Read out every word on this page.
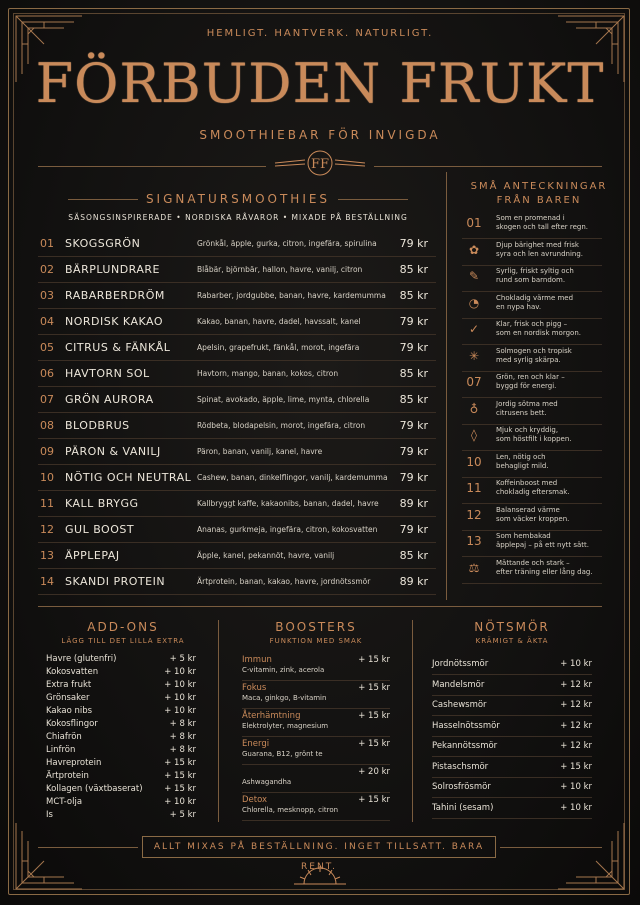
HEMLIGT. HANTVERK. NATURLIGT.
FÖRBUDEN FRUKT
SMOOTHIEBAR FÖR INVIGDA
FF
SIGNATURSMOOTHIES
SÄSONGSINSPIRERADE • NORDISKA RÅVAROR • MIXADE PÅ BESTÄLLNING
01 SKOGSGRÖN	Grönkål, äpple, gurka, citron, ingefära, spirulina 79 kr
02 BÄRPLUNDRARE	Blåbär, björnbär, hallon, havre, vanilj, citron	85 kr
03 RABARBERDRÖM	Rabarber, jordgubbe, banan, havre, kardemumma 85 kr
04 NORDISK KAKAO	Kakao, banan, havre, dadel, havssalt, kanel	79 kr
05 CITRUS & FÄNKÅL	Apelsin, grapefrukt, fänkål, morot, ingefära	79 kr
06 HAVTORN SOL	Havtorn, mango, banan, kokos, citron	85 kr
07 GRÖN AURORA	Spinat, avokado, äpple, lime, mynta, chlorella	85 kr
08 BLODBRUS	Rödbeta, blodapelsin, morot, ingefära, citron	79 kr
09 PÄRON & VANILJ	Päron, banan, vanilj, kanel, havre	79 kr
10 NÖTIG OCH NEUTRAL Cashew, banan, dinkelflingor, vanilj, kardemumma 79 kr
11 KALL BRYGG	Kallbryggt kaffe, kakaonibs, banan, dadel, havre 89 kr
12 GUL BOOST	Ananas, gurkmeja, ingefära, citron, kokosvatten 79 kr
13 ÄPPLEPAJ	Äpple, kanel, pekannöt, havre, vanilj	85 kr
14 SKANDI PROTEIN	Ärtprotein, banan, kakao, havre, jordnötssmör	89 kr
SMÅ ANTECKNINGAR
FRÅN BAREN
01	Som en promenad i
skogen och tall efter regn.
✿	Djup bärighet med frisk
syra och len avrundning.
✎	Syrlig, friskt syltig och
rund som barndom.
◔	Chokladig värme med
en nypa hav.
✓	Klar, frisk och pigg –
som en nordisk morgon.
✳	Solmogen och tropisk
med syrlig skärpa.
07	Grön, ren och klar –
byggd för energi.
♁	Jordig sötma med
citrusens bett.
◊	Mjuk och kryddig,
som höstfilt i koppen.
10	Len, nötig och
behagligt mild.
11	Koffeinboost med
chokladig eftersmak.
12	Balanserad värme
som väcker kroppen.
13	Som hembakad
äpplepaj – på ett nytt sätt.
⚖	Mättande och stark –
efter träning eller lång dag.
ADD-ONS
LÄGG TILL DET LILLA EXTRA
Havre (glutenfri)	+ 5 kr
Kokosvatten	+ 10 kr
Extra frukt	+ 10 kr
Grönsaker	+ 10 kr
Kakao nibs	+ 10 kr
Kokosflingor	+ 8 kr
Chiafrön	+ 8 kr
Linfrön	+ 8 kr
Havreprotein	+ 15 kr
Ärtprotein	+ 15 kr
Kollagen (växtbaserat)	+ 15 kr
MCT-olja	+ 10 kr
Is	+ 5 kr
BOOSTERS
FUNKTION MED SMAK
Immun
C-vitamin, zink, acerola
+ 15 kr
Fokus
Maca, ginkgo, B-vitamin
+ 15 kr
Återhämtning
Elektrolyter, magnesium
+ 15 kr
Energi
Guarana, B12, grönt te
+ 15 kr
Ashwagandha
+ 20 kr
Detox
Chlorella, mesknopp, citron
+ 15 kr
NÖTSMÖR
KRÄMIGT & ÄKTA
Jordnötssmör	+ 10 kr
Mandelsmör	+ 12 kr
Cashewsmör	+ 12 kr
Hasselnötssmör	+ 12 kr
Pekannötssmör	+ 12 kr
Pistaschsmör	+ 15 kr
Solrosfrösmör	+ 10 kr
Tahini (sesam)	+ 10 kr
ALLT MIXAS PÅ BESTÄLLNING. INGET TILLSATT. BARA RENT.
